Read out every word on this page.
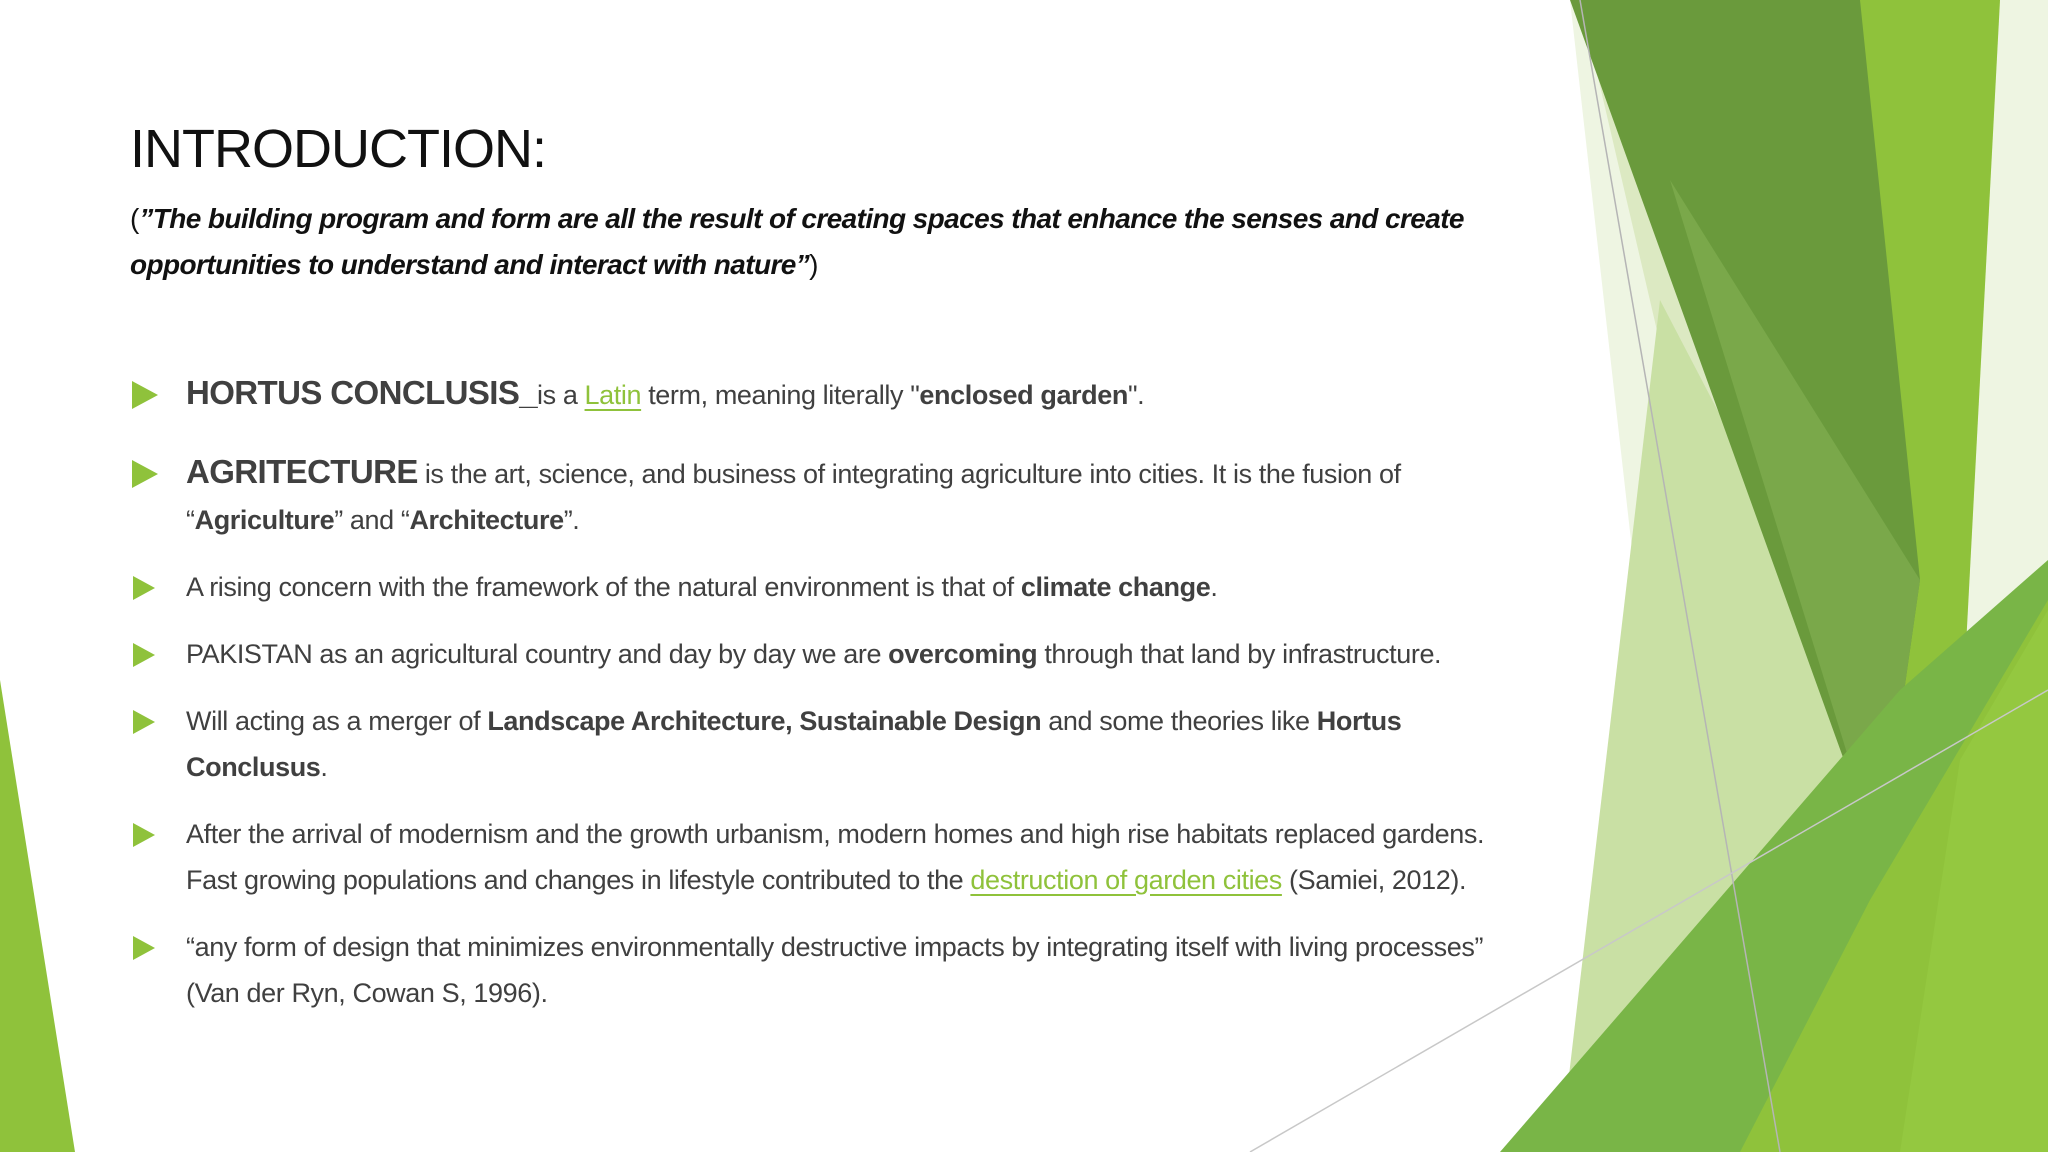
INTRODUCTION:
(”The building program and form are all the result of creating spaces that enhance the senses and create opportunities to understand and interact with nature”)
HORTUS CONCLUSIS_is a Latin term, meaning literally "enclosed garden".
AGRITECTURE is the art, science, and business of integrating agriculture into cities. It is the fusion of “Agriculture” and “Architecture”.
A rising concern with the framework of the natural environment is that of climate change.
PAKISTAN as an agricultural country and day by day we are overcoming through that land by infrastructure.
Will acting as a merger of Landscape Architecture, Sustainable Design and some theories like Hortus Conclusus.
After the arrival of modernism and the growth urbanism, modern homes and high rise habitats replaced gardens. Fast growing populations and changes in lifestyle contributed to the destruction of garden cities (Samiei, 2012).
“any form of design that minimizes environmentally destructive impacts by integrating itself with living processes” (Van der Ryn, Cowan S, 1996).
